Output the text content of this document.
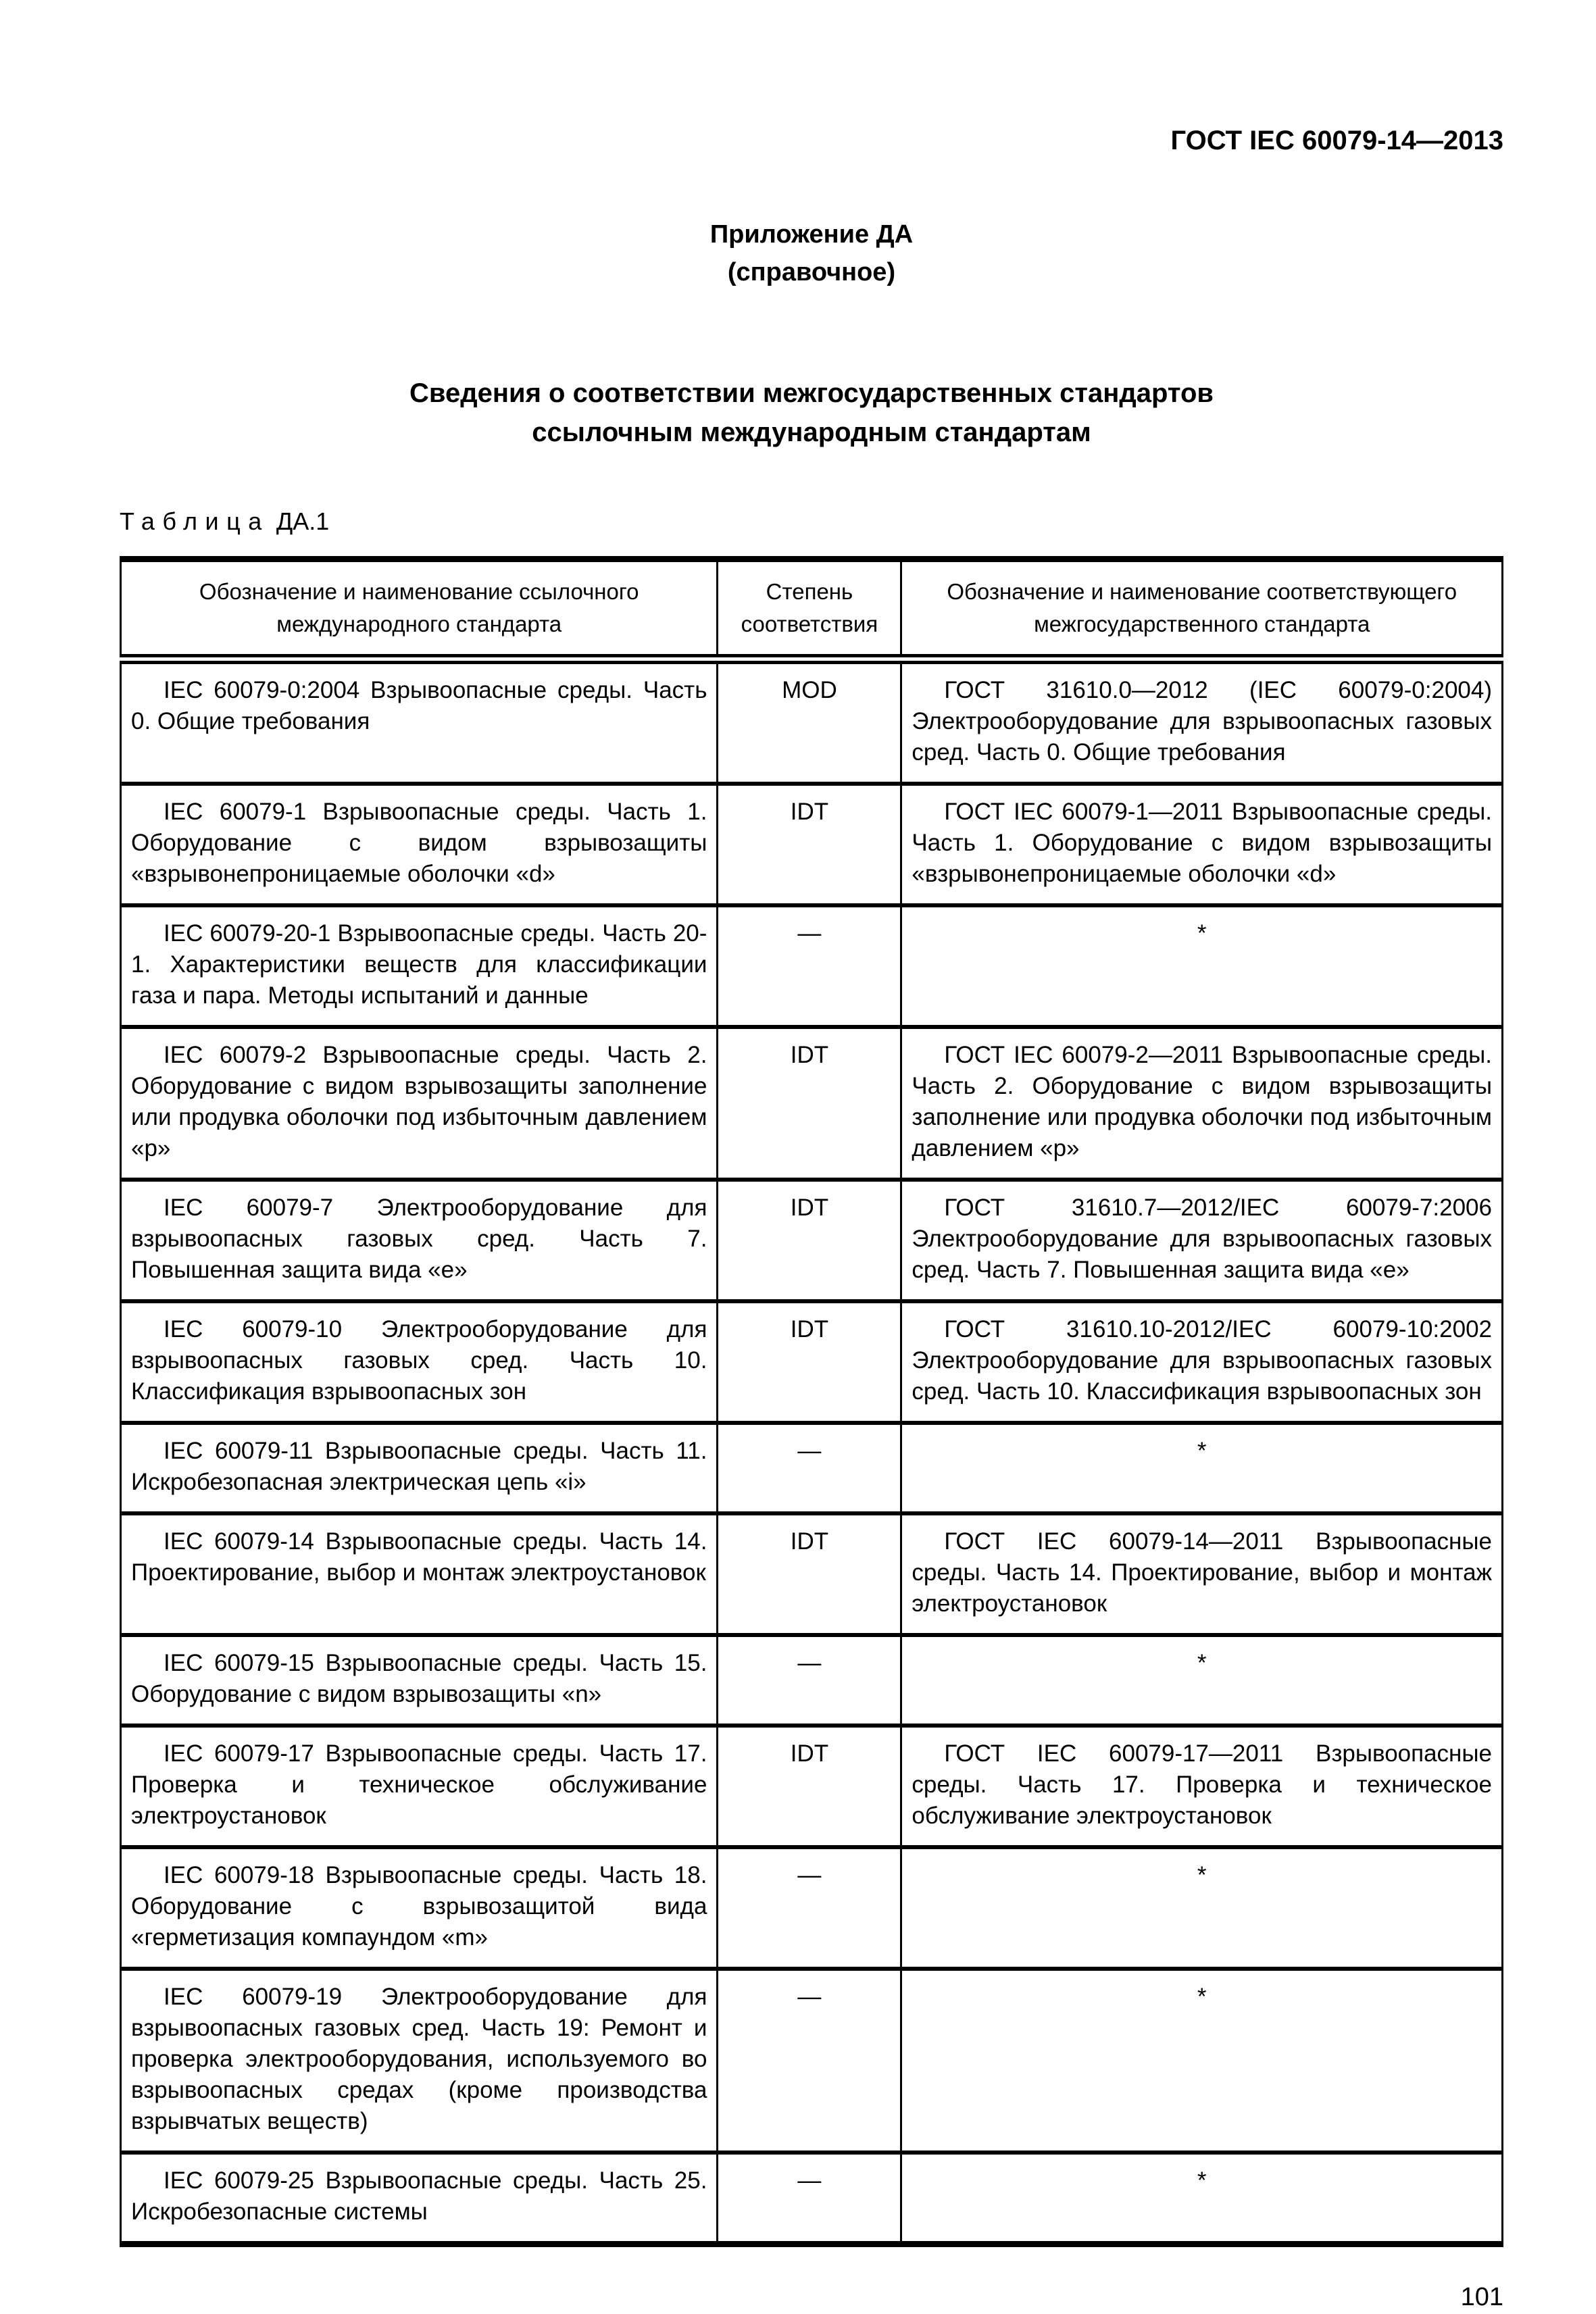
ГОСТ IEC 60079-14—2013
Приложение ДА
(справочное)
Сведения о соответствии межгосударственных стандартов
ссылочным международным стандартам
Таблица ДА.1
Обозначение и наименование ссылочного международного стандарта	Степень соответствия	Обозначение и наименование соответствующего межгосударственного стандарта

IEC 60079-0:2004 Взрывоопасные среды. Часть 0. Общие требования	MOD	ГОСТ 31610.0—2012 (IEC 60079-0:2004) Электрооборудование для взрывоопасных газовых сред. Часть 0. Общие требования

IEC 60079-1 Взрывоопасные среды. Часть 1. Оборудование с видом взрывозащиты «взрывонепроницаемые оболочки «d»	IDT	ГОСТ IEC 60079-1—2011 Взрывоопасные среды. Часть 1. Оборудование с видом взрывозащиты «взрывонепроницаемые оболочки «d»

IEC 60079-20-1 Взрывоопасные среды. Часть 20-1. Характеристики веществ для классификации газа и пара. Методы испытаний и данные	—	*

IEC 60079-2 Взрывоопасные среды. Часть 2. Оборудование с видом взрывозащиты заполнение или продувка оболочки под избыточным давлением «p»	IDT	ГОСТ IEC 60079-2—2011 Взрывоопасные среды. Часть 2. Оборудование с видом взрывозащиты заполнение или продувка оболочки под избыточным давлением «p»

IEC 60079-7 Электрооборудование для взрывоопасных газовых сред. Часть 7. Повышенная защита вида «e»	IDT	ГОСТ 31610.7—2012/IEC 60079-7:2006 Электрооборудование для взрывоопасных газовых сред. Часть 7. Повышенная защита вида «e»

IEC 60079-10 Электрооборудование для взрывоопасных газовых сред. Часть 10. Классификация взрывоопасных зон	IDT	ГОСТ 31610.10-2012/IEC 60079-10:2002 Электрооборудование для взрывоопасных газовых сред. Часть 10. Классификация взрывоопасных зон

IEC 60079-11 Взрывоопасные среды. Часть 11. Искробезопасная электрическая цепь «i»	—	*

IEC 60079-14 Взрывоопасные среды. Часть 14. Проектирование, выбор и монтаж электроустановок	IDT	ГОСТ IEC 60079-14—2011 Взрывоопасные среды. Часть 14. Проектирование, выбор и монтаж электроустановок

IEC 60079-15 Взрывоопасные среды. Часть 15. Оборудование с видом взрывозащиты «n»	—	*

IEC 60079-17 Взрывоопасные среды. Часть 17. Проверка и техническое обслуживание электроустановок	IDT	ГОСТ IEC 60079-17—2011 Взрывоопасные среды. Часть 17. Проверка и техническое обслуживание электроустановок

IEC 60079-18 Взрывоопасные среды. Часть 18. Оборудование с взрывозащитой вида «герметизация компаундом «m»	—	*

IEC 60079-19 Электрооборудование для взрывоопасных газовых сред. Часть 19: Ремонт и проверка электрооборудования, используемого во взрывоопасных средах (кроме производства взрывчатых веществ)	—	*

IEC 60079-25 Взрывоопасные среды. Часть 25. Искробезопасные системы	—	*
101
